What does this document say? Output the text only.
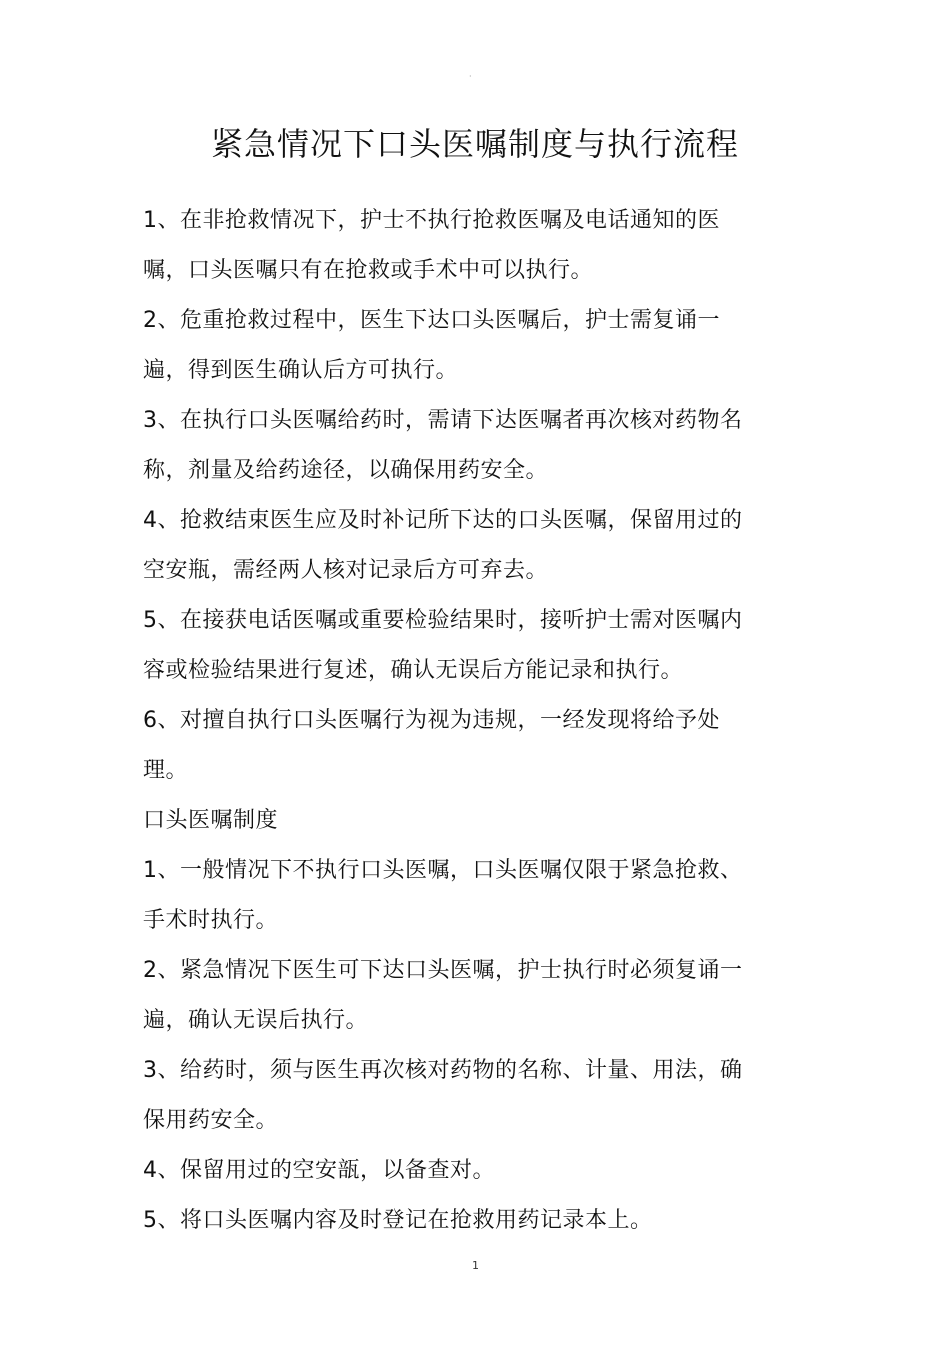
·
紧急情况下口头医嘱制度与执行流程

1、在非抢救情况下，护士不执行抢救医嘱及电话通知的医嘱，口头医嘱只有在抢救或手术中可以执行。

2、危重抢救过程中，医生下达口头医嘱后，护士需复诵一遍，得到医生确认后方可执行。

3、在执行口头医嘱给药时，需请下达医嘱者再次核对药物名称，剂量及给药途径，以确保用药安全。

4、抢救结束医生应及时补记所下达的口头医嘱，保留用过的空安瓶，需经两人核对记录后方可弃去。

5、在接获电话医嘱或重要检验结果时，接听护士需对医嘱内容或检验结果进行复述，确认无误后方能记录和执行。

6、对擅自执行口头医嘱行为视为违规，一经发现将给予处理。

口头医嘱制度

1、一般情况下不执行口头医嘱，口头医嘱仅限于紧急抢救、手术时执行。

2、紧急情况下医生可下达口头医嘱，护士执行时必须复诵一遍，确认无误后执行。

3、给药时，须与医生再次核对药物的名称、计量、用法，确保用药安全。

4、保留用过的空安瓿，以备查对。

5、将口头医嘱内容及时登记在抢救用药记录本上。

1
